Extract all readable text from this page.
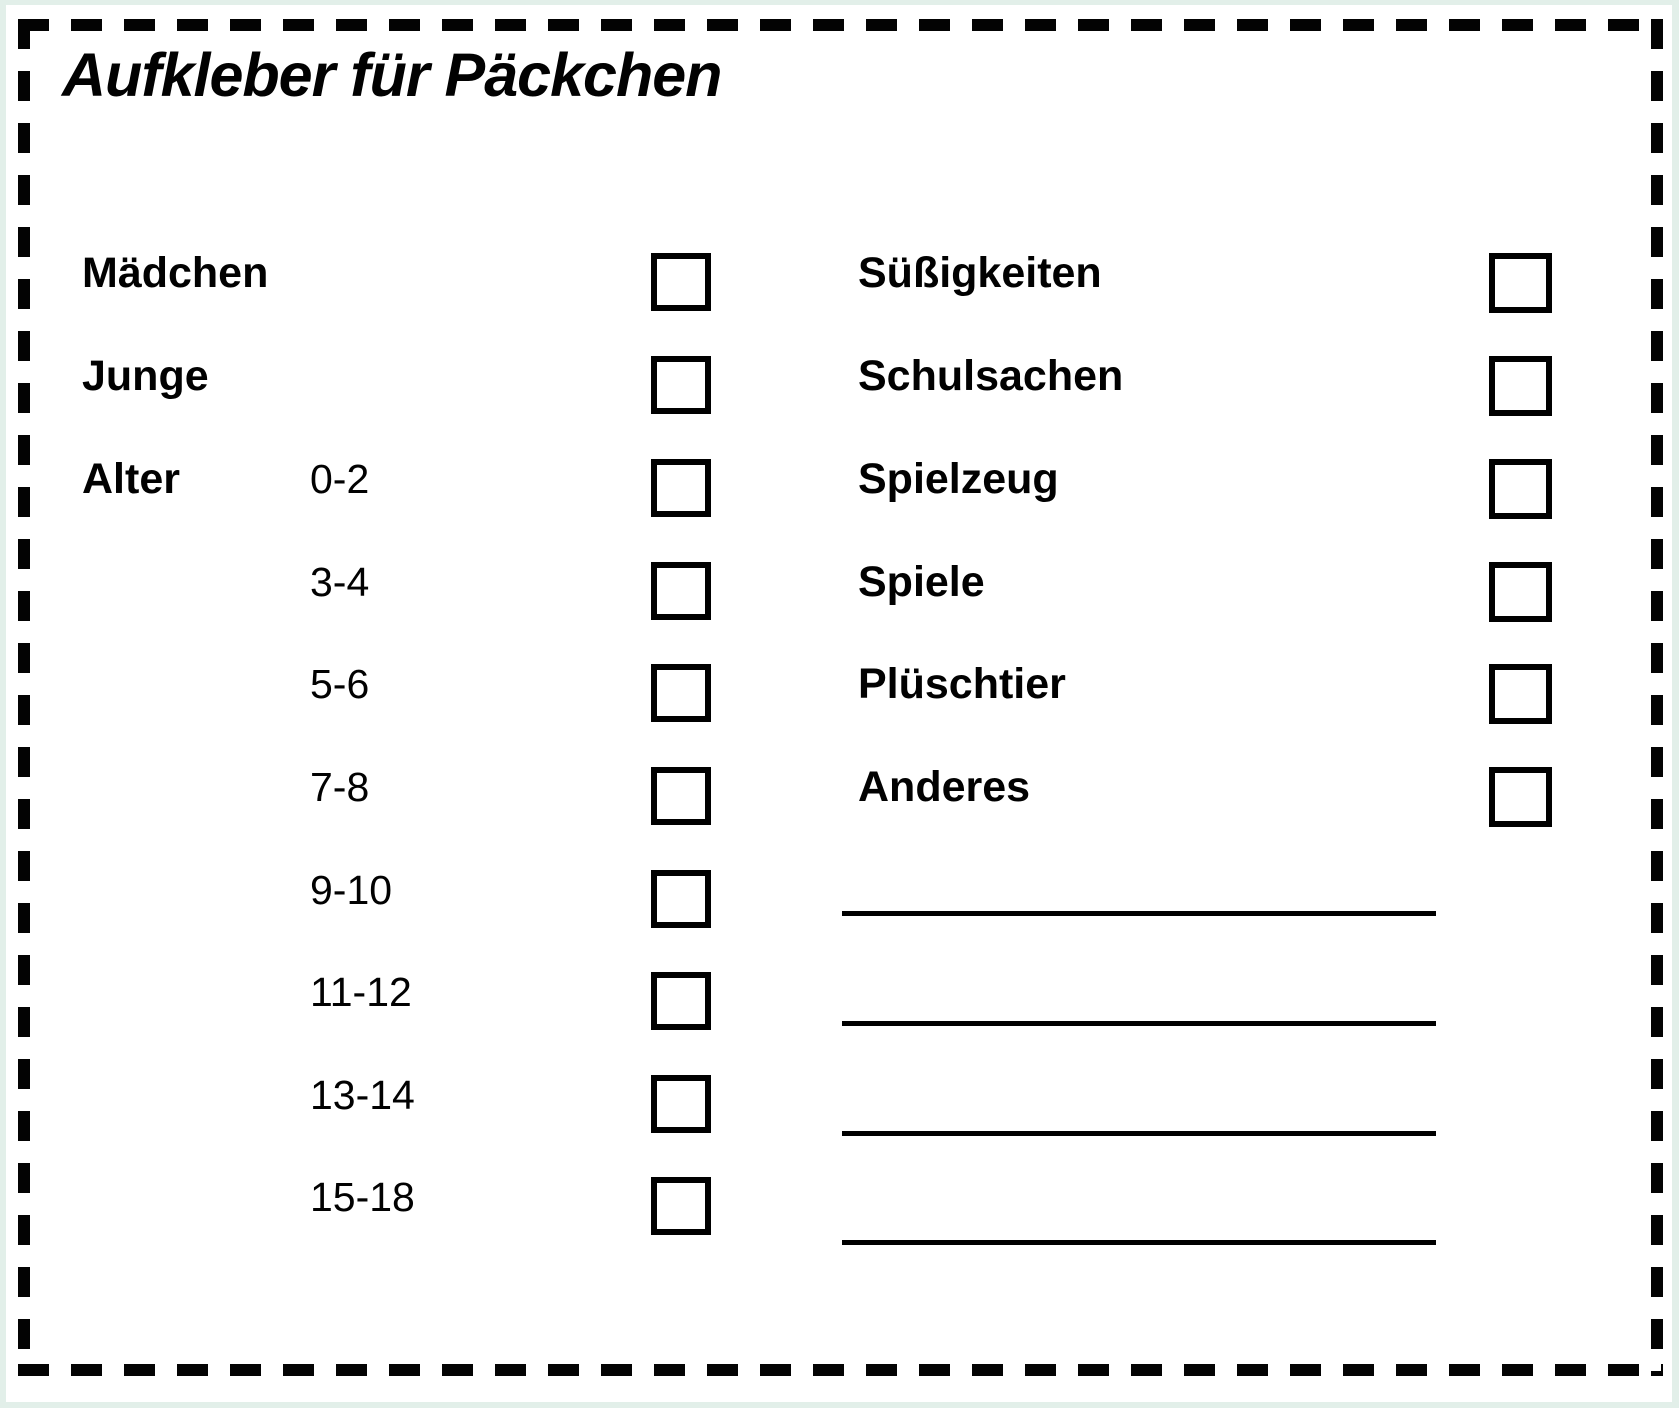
Aufkleber für Päckchen
Mädchen
Junge
Alter	0-2
3-4
5-6
7-8
9-10
11-12
13-14
15-18
Süßigkeiten
Schulsachen
Spielzeug
Spiele
Plüschtier
Anderes
